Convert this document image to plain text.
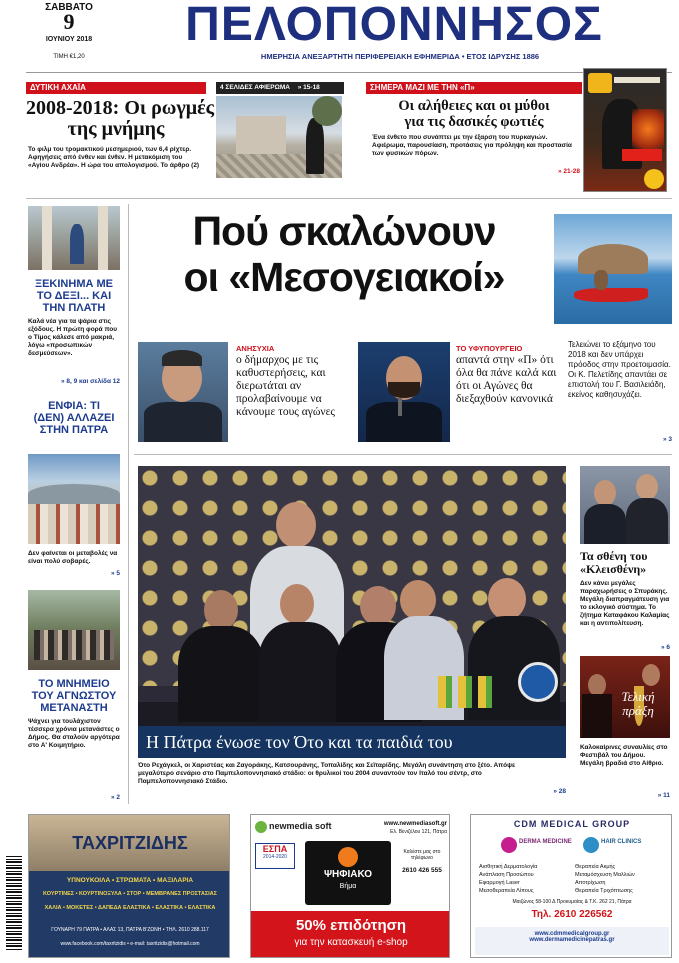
ΣΑΒΒΑΤΟ
9
ΙΟΥΝΙΟΥ 2018
ΤΙΜΗ €1,20
ΠΕΛΟΠΟΝΝΗΣΟΣ
ΗΜΕΡΗΣΙΑ ΑΝΕΞΑΡΤΗΤΗ ΠΕΡΙΦΕΡΕΙΑΚΗ ΕΦΗΜΕΡΙΔΑ • ΕΤΟΣ ΙΔΡΥΣΗΣ 1886
ΔΥΤΙΚΗ ΑΧΑΪΑ	4 ΣΕΛΙΔΕΣ ΑΦΙΕΡΩΜΑ » 15-18
2008-2018: Οι ρωγμές
της μνήμης
Το φιλμ του τρομακτικού μεσημεριού, των 6,4 ρίχτερ. Αφηγήσεις από ένθεν και ένθεν. Η μετακόμιση του «Αγίου Ανδρέα». Η ώρα του απολογισμού. Το άρθρο (2)
ΣΗΜΕΡΑ ΜΑΖΙ ΜΕ ΤΗΝ «Π»
Οι αλήθειες και οι μύθοι
για τις δασικές φωτιές
Ένα ένθετο που συνάπτει με την έξαρση του πυρκαγιών. Αφιέρωμα, παρουσίαση, προτάσεις για πρόληψη και προστασία των φυσικών πόρων.
» 21-28
ΞΕΚΙΝΗΜΑ ΜΕ
ΤΟ ΔΕΞΙ... ΚΑΙ
ΤΗΝ ΠΛΑΤΗ
Καλά νέα για τα ψάρια στις εξόδους. Η πρώτη φορά που ο Τίμος κάλεσε από μακριά, λόγω «προσωπικών δεσμεύσεων».
» 8, 9 και σελίδα 12
ΕΝΦΙΑ: ΤΙ
(ΔΕΝ) ΑΛΛΑΖΕΙ
ΣΤΗΝ ΠΑΤΡΑ
Δεν φαίνεται οι μεταβολές να είναι πολύ σοβαρές.
» 5
ΤΟ ΜΝΗΜΕΙΟ
ΤΟΥ ΑΓΝΩΣΤΟΥ
ΜΕΤΑΝΑΣΤΗ
Ψάχνει για τουλάχιστον τέσσερα χρόνια μετανάστες ο Δήμος. Θα σταλούν αργότερα στο Α' Κοιμητήριο.
» 2
Πού σκαλώνουν
οι «Μεσογειακοί»
ΑΝΗΣΥΧΙΑ
ο δήμαρχος με τις καθυστερήσεις, και διερωτάται αν προλαβαίνουμε να κάνουμε τους αγώνες
ΤΟ ΥΦΥΠΟΥΡΓΕΙΟ
απαντά στην «Π» ότι όλα θα πάνε καλά και ότι οι Αγώνες θα διεξαχθούν κανονικά
Τελειώνει το εξάμηνο του 2018 και δεν υπάρχει πρόοδος στην προετοιμασία. Οι Κ. Πελετίδης απαντάει σε επιστολή του Γ. Βασιλειάδη, εκείνος καθησυχάζει.
» 3
Η Πάτρα ένωσε τον Ότο και τα παιδιά του
Ότο Ρεχάγκελ, οι Χαριστέας και Ζαγοράκης, Κατσουράνης, Τοπαλίδης και Σεϊταρίδης. Μεγάλη συνάντηση στο ξέτο. Απόψε μεγαλύτερο σενάριο στο Παμπελοποννησιακό στάδιο: οι θρυλικοί του 2004 συναντούν τον Ιταλό του σέντρ, στο Παμπελοποννησιακό Στάδιο.
» 28
Τα σθένη του
«Κλεισθένη»
Δεν κάνει μεγάλες παραχωρήσεις ο Σπυράκης. Μεγάλη διαπραγμάτευση για το εκλογικό σύστημα. Το ζήτημα Καταφάκου Καλαμίας και η αντιπολίτευση.
» 6
Τελική
πράξη
Καλοκαίρινες συναυλίες στο Φεστιβάλ του Δήμου. Μεγάλη βραδιά στο Αίθριο.
» 11
ΤΑΧΡΙΤΖΙΔΗΣ
ΥΠΝΟΥΚΟΙΛΑ • ΣΤΡΩΜΑΤΑ • ΜΑΞΙΛΑΡΙΑ
ΚΟΥΡΤΙΝΕΣ • ΚΟΥΡΤΙΝΟΞΥΛΑ • ΣΤΟΡ • ΜΕΜΒΡΑΝΕΣ ΠΡΟΣΤΑΣΙΑΣ
ΧΑΛΙΑ • ΜΟΚΕΤΕΣ • ΔΑΠΕΔΑ ΕΛΑΣΤΙΚΑ • ΕΛΑΣΤΙΚΑ • ΕΛΑΣΤΙΚΑ
ΓΟΥΝΑΡΗ 79 ΠΑΤΡΑ • ΑΛΑΣ 13, ΠΑΤΡΑ Β'ΖΩΝΗ • ΤΗΛ. 2610 288.117
www.facebook.com/taxritzidis • e-mail: taxritzidis@hotmail.com
newmedia soft	www.newmediasoft.gr
Ελ. Βενιζέλου 121, Πάτρα
ΕΣΠΑ
2014-2020
ΨΗΦΙΑΚΟ
Βήμα
Καλέστε μας στο τηλέφωνο
2610 426 555
50% επιδότηση
για την κατασκευή e-shop
CDM MEDICAL GROUP
DERMA MEDICINE	HAIR CLINICS
Αισθητική Δερματολογία
Ανάπλαση Προσώπου
Εφαρμογή Laser
Μεσοθεραπεία Λίπους
Θεραπεία Ακμής
Μεταμόσχευση Μαλλιών
Αποτρίχωση
Θεραπεία Τριχόπτωσης
Μαιζώνος 58-100 Δ Προκυμαίας & Τ.Κ. 262 21, Πάτρα
Τηλ. 2610 226562
www.cdmmedicalgroup.gr
www.dermamedicinepatras.gr
